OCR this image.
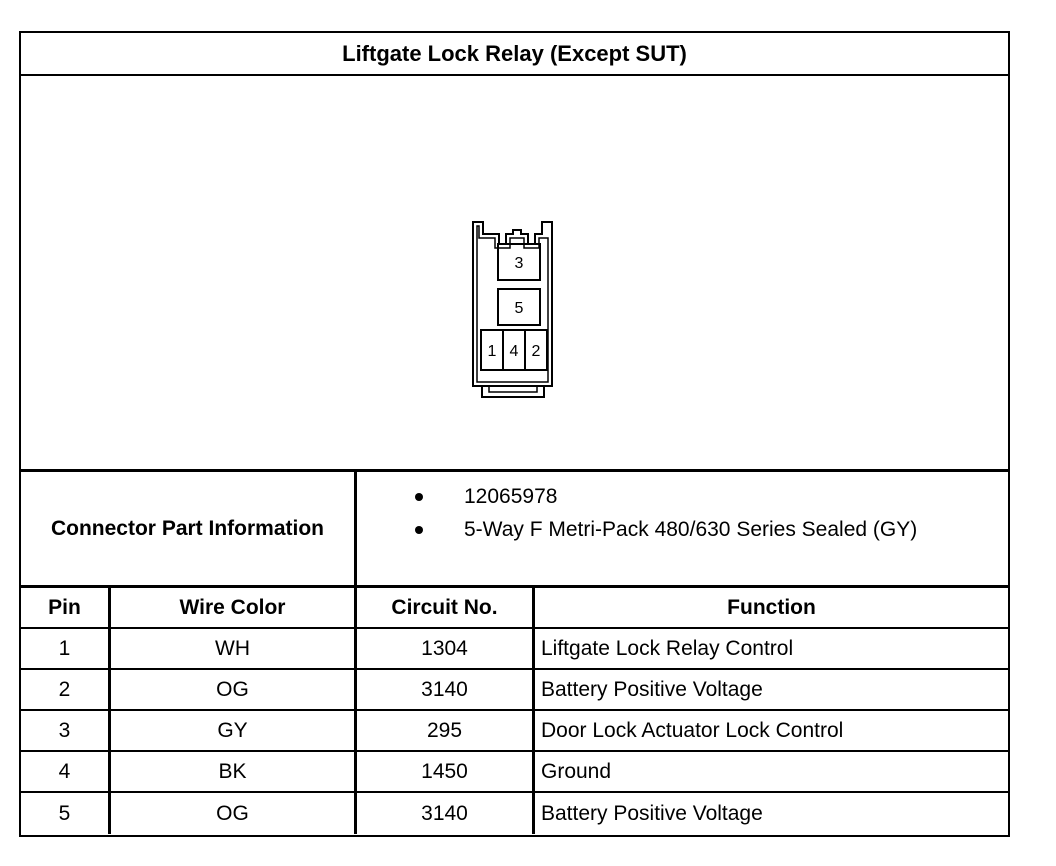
Liftgate Lock Relay (Except SUT)
3
5
1 4 2
Connector Part Information
12065978
5-Way F Metri-Pack 480/630 Series Sealed (GY)
Pin	Wire Color	Circuit No.	Function
1	WH	1304	Liftgate Lock Relay Control
2	OG	3140	Battery Positive Voltage
3	GY	295	Door Lock Actuator Lock Control
4	BK	1450	Ground
5	OG	3140	Battery Positive Voltage
